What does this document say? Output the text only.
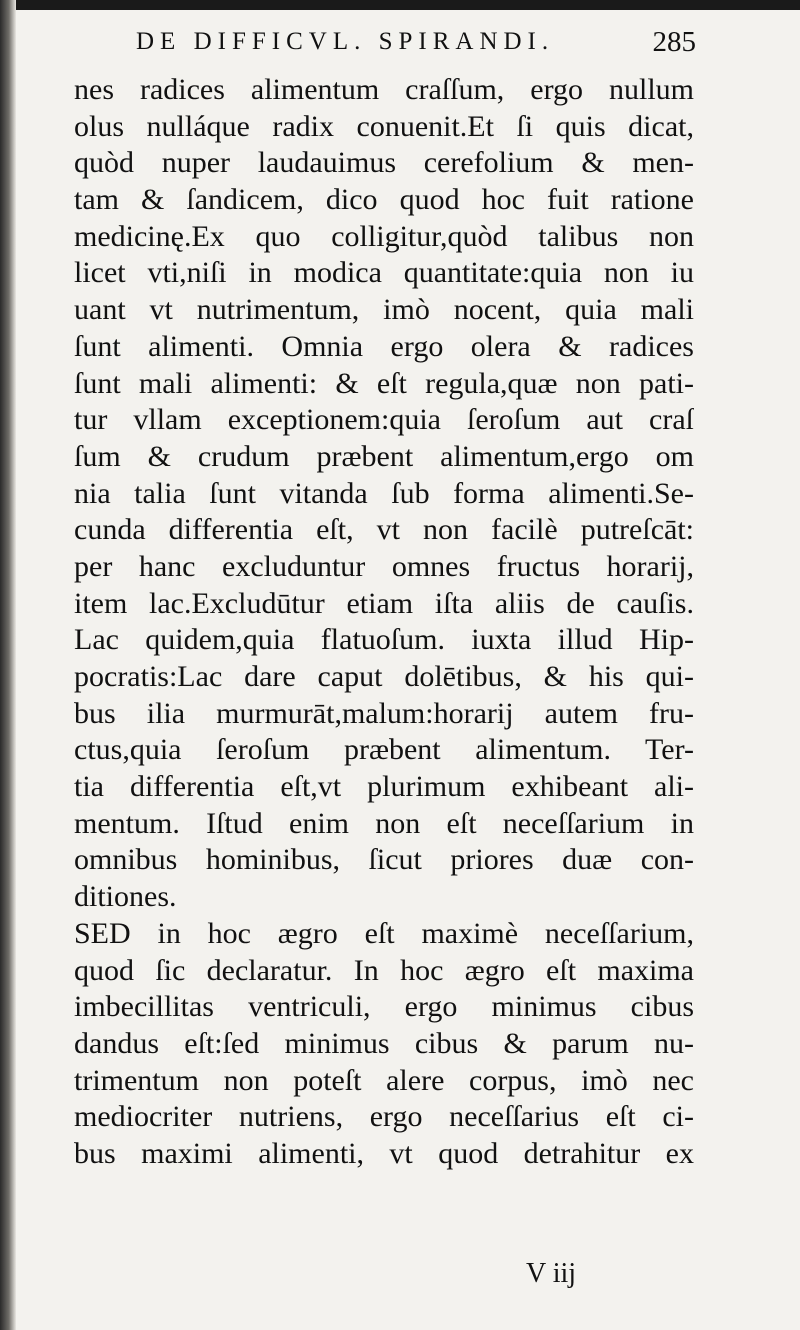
DE DIFFICVL. SPIRANDI.	285
nes radices alimentum craſſum, ergo nullum
olus nulláque radix conuenit.Et ſi quis dicat,
quòd nuper laudauimus cerefolium & men-
tam & ſandicem, dico quod hoc fuit ratione
medicinę.Ex quo colligitur,quòd talibus non
licet vti,niſi in modica quantitate:quia non iu
uant vt nutrimentum, imò nocent, quia mali
ſunt alimenti. Omnia ergo olera & radices
ſunt mali alimenti: & eſt regula,quæ non pati-
tur vllam exceptionem:quia ſeroſum aut craſ
ſum & crudum præbent alimentum,ergo om
nia talia ſunt vitanda ſub forma alimenti.Se-
cunda differentia eſt, vt non facilè putreſcāt:
per hanc excluduntur omnes fructus horarij,
item lac.Excludūtur etiam iſta aliis de cauſis.
Lac quidem,quia flatuoſum. iuxta illud Hip-
pocratis:Lac dare caput dolētibus, & his qui-
bus ilia murmurāt,malum:horarij autem fru-
ctus,quia ſeroſum præbent alimentum. Ter-
tia differentia eſt,vt plurimum exhibeant ali-
mentum. Iſtud enim non eſt neceſſarium in
omnibus hominibus, ſicut priores duæ con-
ditiones.
SED in hoc ægro eſt maximè neceſſarium,
quod ſic declaratur. In hoc ægro eſt maxima
imbecillitas ventriculi, ergo minimus cibus
dandus eſt:ſed minimus cibus & parum nu-
trimentum non poteſt alere corpus, imò nec
mediocriter nutriens, ergo neceſſarius eſt ci-
bus maximi alimenti, vt quod detrahitur ex
V iij
